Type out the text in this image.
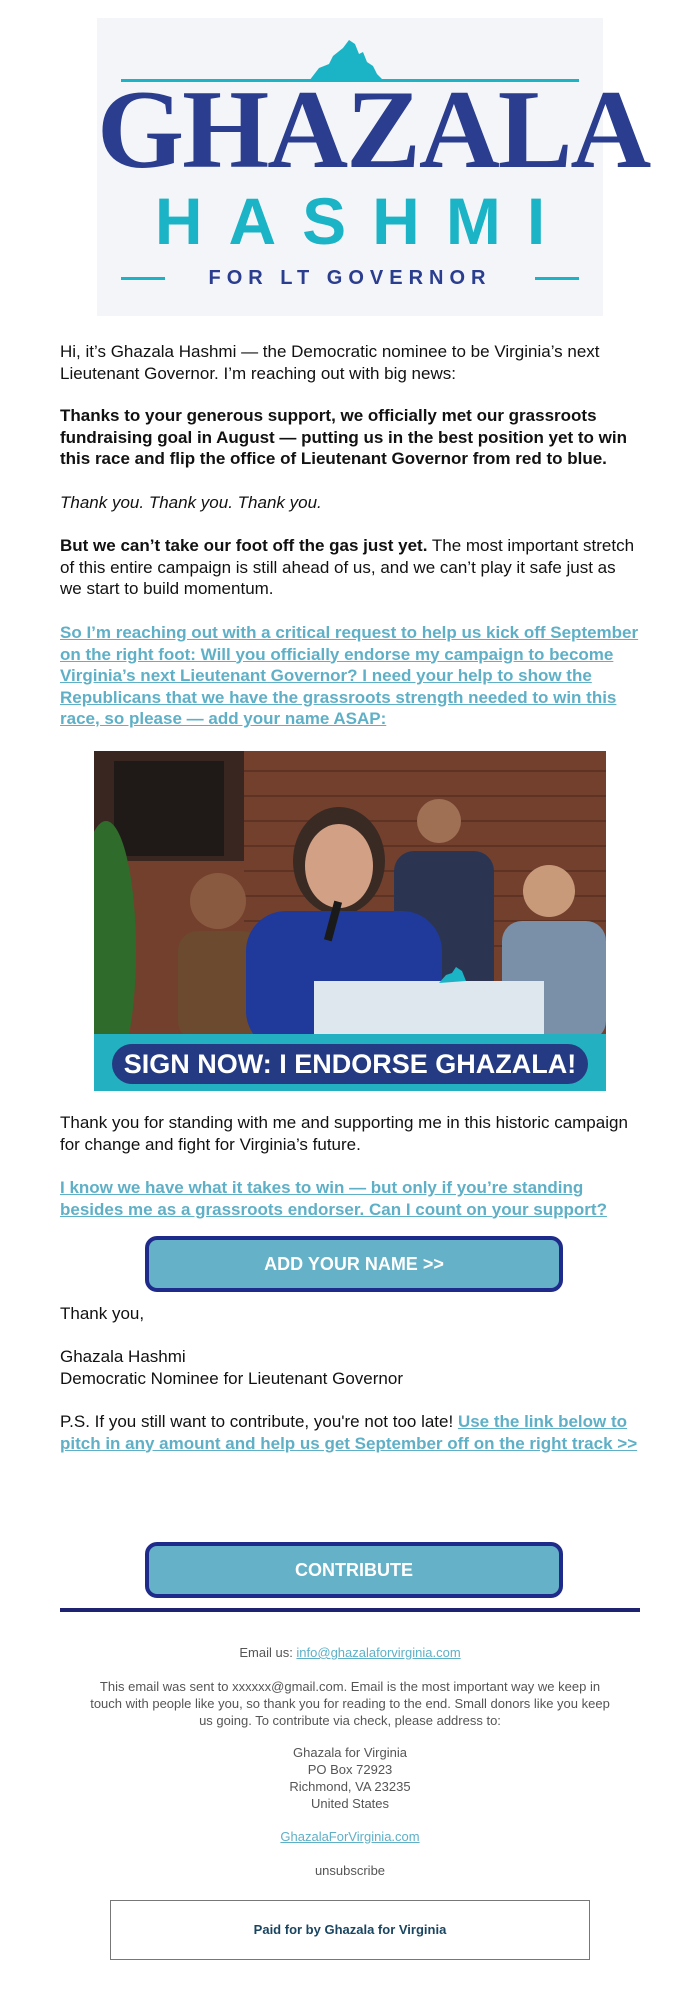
GHAZALA
HASHMI
FOR LT GOVERNOR

Hi, it’s Ghazala Hashmi — the Democratic nominee to be Virginia’s next Lieutenant Governor. I’m reaching out with big news:

Thanks to your generous support, we officially met our grassroots fundraising goal in August — putting us in the best position yet to win this race and flip the office of Lieutenant Governor from red to blue.

Thank you. Thank you. Thank you.

But we can’t take our foot off the gas just yet. The most important stretch of this entire campaign is still ahead of us, and we can’t play it safe just as we start to build momentum.

So I’m reaching out with a critical request to help us kick off September on the right foot: Will you officially endorse my campaign to become Virginia’s next Lieutenant Governor? I need your help to show the Republicans that we have the grassroots strength needed to win this race, so please — add your name ASAP:
SIGN NOW: I ENDORSE GHAZALA!

Thank you for standing with me and supporting me in this historic campaign for change and fight for Virginia’s future.

I know we have what it takes to win — but only if you’re standing besides me as a grassroots endorser. Can I count on your support?
ADD YOUR NAME >>

Thank you,

Ghazala Hashmi

Democratic Nominee for Lieutenant Governor

P.S. If you still want to contribute, you're not too late! Use the link below to pitch in any amount and help us get September off on the right track >>

CONTRIBUTE
Email us: info@ghazalaforvirginia.com
This email was sent to xxxxxx@gmail.com. Email is the most important way we keep in touch with people like you, so thank you for reading to the end. Small donors like you keep us going. To contribute via check, please address to:
Ghazala for Virginia
PO Box 72923
Richmond, VA 23235
United States
GhazalaForVirginia.com
unsubscribe
Paid for by Ghazala for Virginia
